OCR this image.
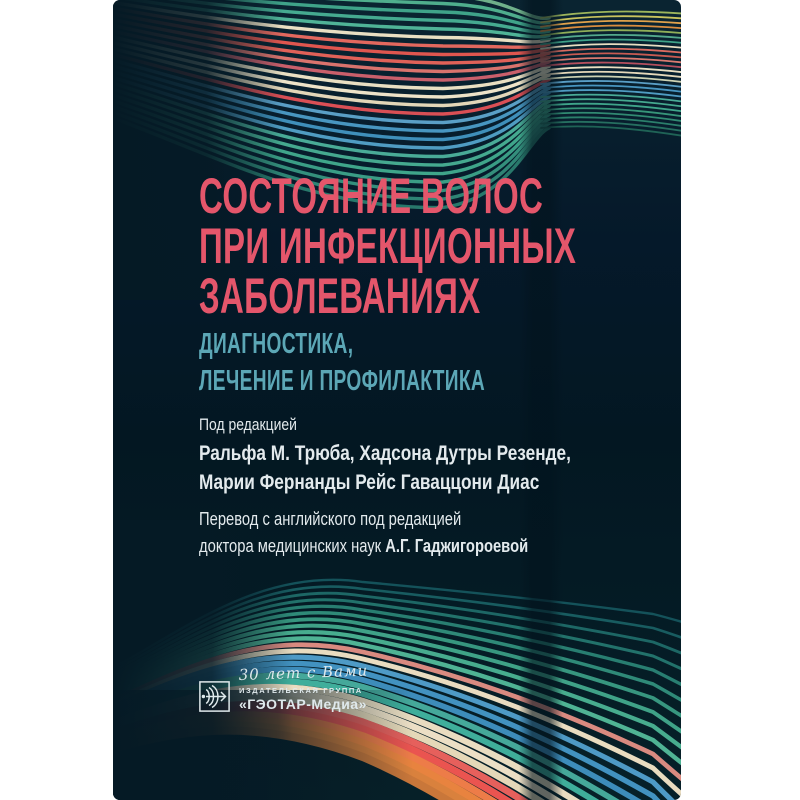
СОСТОЯНИЕ ВОЛОС
ПРИ ИНФЕКЦИОННЫХ
ЗАБОЛЕВАНИЯХ
ДИАГНОСТИКА,
ЛЕЧЕНИЕ И ПРОФИЛАКТИКА
Под редакцией
Ральфа М. Трюба, Хадсона Дутры Резенде,
Марии Фернанды Рейс Гаваццони Диас
Перевод с английского под редакцией
доктора медицинских наук А.Г. Гаджигороевой
30 лет с Вами
ИЗДАТЕЛЬСКАЯ ГРУППА
«ГЭОТАР-Медиа»
